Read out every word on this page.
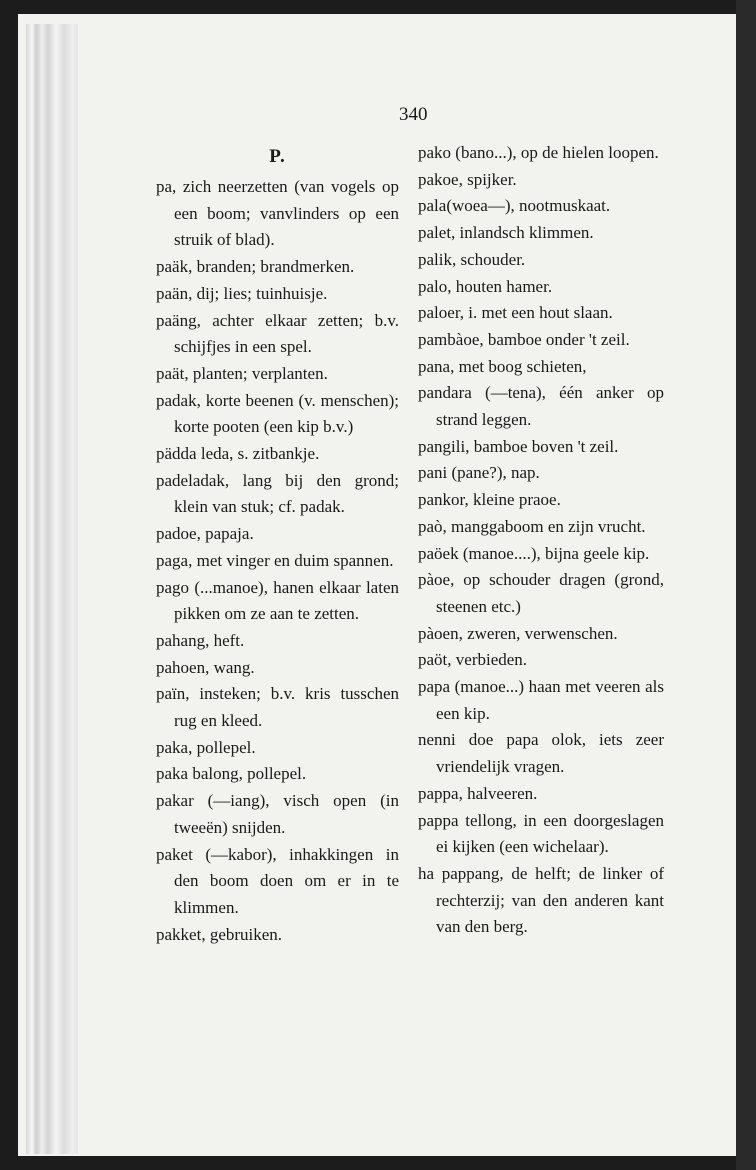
340
P.
pa, zich neerzetten (van vogels op een boom; vanvlinders op een struik of blad).
paäk, branden; brandmerken.
paän, dij; lies; tuinhuisje.
paäng, achter elkaar zetten; b.v. schijfjes in een spel.
paät, planten; verplanten.
padak, korte beenen (v. menschen); korte pooten (een kip b.v.)
pädda leda, s. zitbankje.
padeladak, lang bij den grond; klein van stuk; cf. padak.
padoe, papaja.
paga, met vinger en duim spannen.
pago (...manoe), hanen elkaar laten pikken om ze aan te zetten.
pahang, heft.
pahoen, wang.
païn, insteken; b.v. kris tusschen rug en kleed.
paka, pollepel.
paka balong, pollepel.
pakar (—iang), visch open (in tweeën) snijden.
paket (—kabor), inhakkingen in den boom doen om er in te klimmen.
pakket, gebruiken.
pako (bano...), op de hielen loopen.
pakoe, spijker.
pala(woea—), nootmuskaat.
palet, inlandsch klimmen.
palik, schouder.
palo, houten hamer.
paloer, i. met een hout slaan.
pambàoe, bamboe onder 't zeil.
pana, met boog schieten,
pandara (—tena), één anker op strand leggen.
pangili, bamboe boven 't zeil.
pani (pane?), nap.
pankor, kleine praoe.
paò, manggaboom en zijn vrucht.
paöek (manoe....), bijna geele kip.
pàoe, op schouder dragen (grond, steenen etc.)
pàoen, zweren, verwenschen.
paöt, verbieden.
papa (manoe...) haan met veeren als een kip.
nenni doe papa olok, iets zeer vriendelijk vragen.
pappa, halveeren.
pappa tellong, in een doorgeslagen ei kijken (een wichelaar).
ha pappang, de helft; de linker of rechterzij; van den anderen kant van den berg.
